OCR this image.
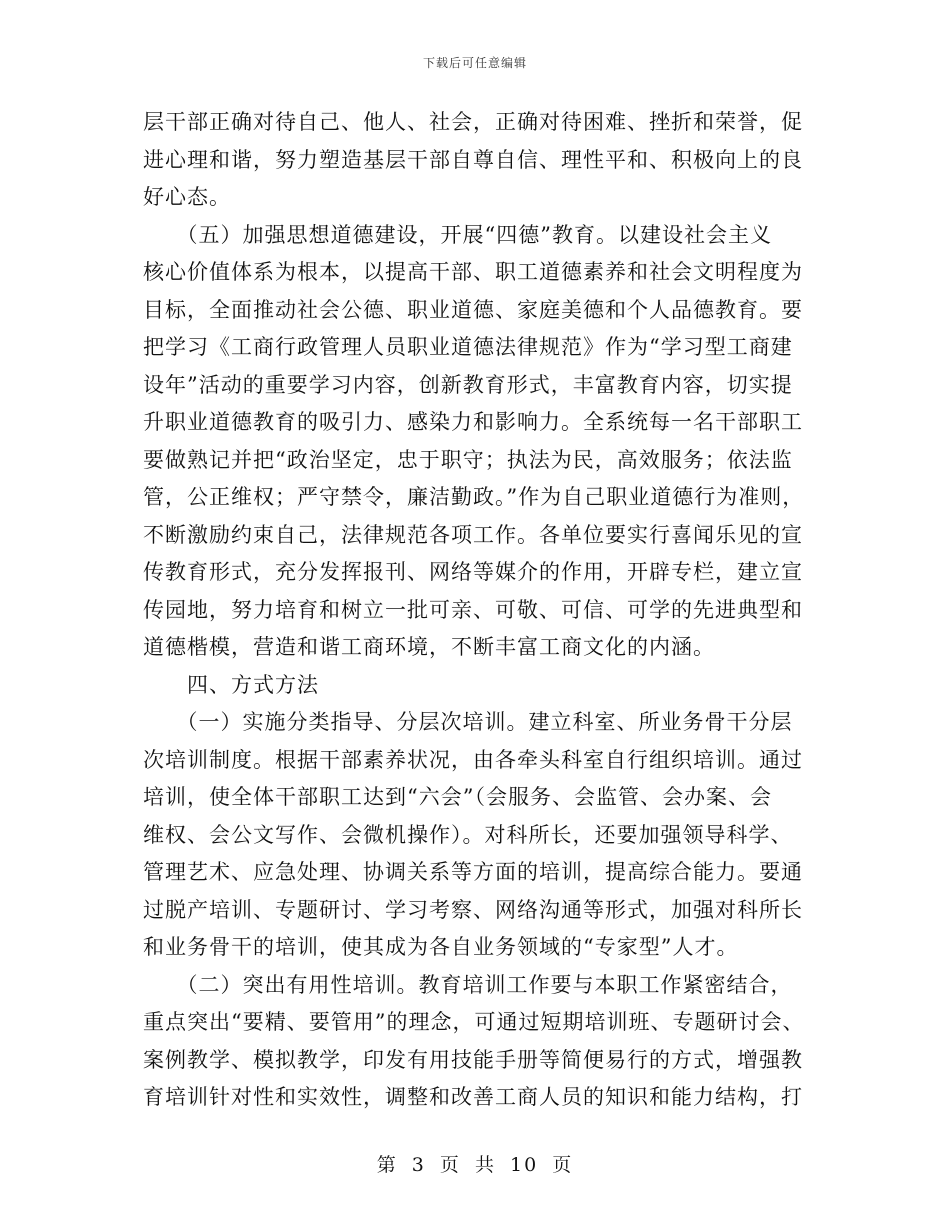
下载后可任意编辑
层干部正确对待自己、他人、社会，正确对待困难、挫折和荣誉，促
进心理和谐，努力塑造基层干部自尊自信、理性平和、积极向上的良
好心态。
　　（五）加强思想道德建设，开展“四德”教育。以建设社会主义
核心价值体系为根本，以提高干部、职工道德素养和社会文明程度为
目标，全面推动社会公德、职业道德、家庭美德和个人品德教育。要
把学习《工商行政管理人员职业道德法律规范》作为“学习型工商建
设年”活动的重要学习内容，创新教育形式，丰富教育内容，切实提
升职业道德教育的吸引力、感染力和影响力。全系统每一名干部职工
要做熟记并把“政治坚定，忠于职守；执法为民，高效服务；依法监
管，公正维权；严守禁令，廉洁勤政。”作为自己职业道德行为准则，
不断激励约束自己，法律规范各项工作。各单位要实行喜闻乐见的宣
传教育形式，充分发挥报刊、网络等媒介的作用，开辟专栏，建立宣
传园地，努力培育和树立一批可亲、可敬、可信、可学的先进典型和
道德楷模，营造和谐工商环境，不断丰富工商文化的内涵。
　　四、方式方法
　　（一）实施分类指导、分层次培训。建立科室、所业务骨干分层
次培训制度。根据干部素养状况，由各牵头科室自行组织培训。通过
培训，使全体干部职工达到“六会”（会服务、会监管、会办案、会
维权、会公文写作、会微机操作）。对科所长，还要加强领导科学、
管理艺术、应急处理、协调关系等方面的培训，提高综合能力。要通
过脱产培训、专题研讨、学习考察、网络沟通等形式，加强对科所长
和业务骨干的培训，使其成为各自业务领域的“专家型”人才。
　　（二）突出有用性培训。教育培训工作要与本职工作紧密结合，
重点突出“要精、要管用”的理念，可通过短期培训班、专题研讨会、
案例教学、模拟教学，印发有用技能手册等简便易行的方式，增强教
育培训针对性和实效性，调整和改善工商人员的知识和能力结构，打
第 3 页 共 10 页
